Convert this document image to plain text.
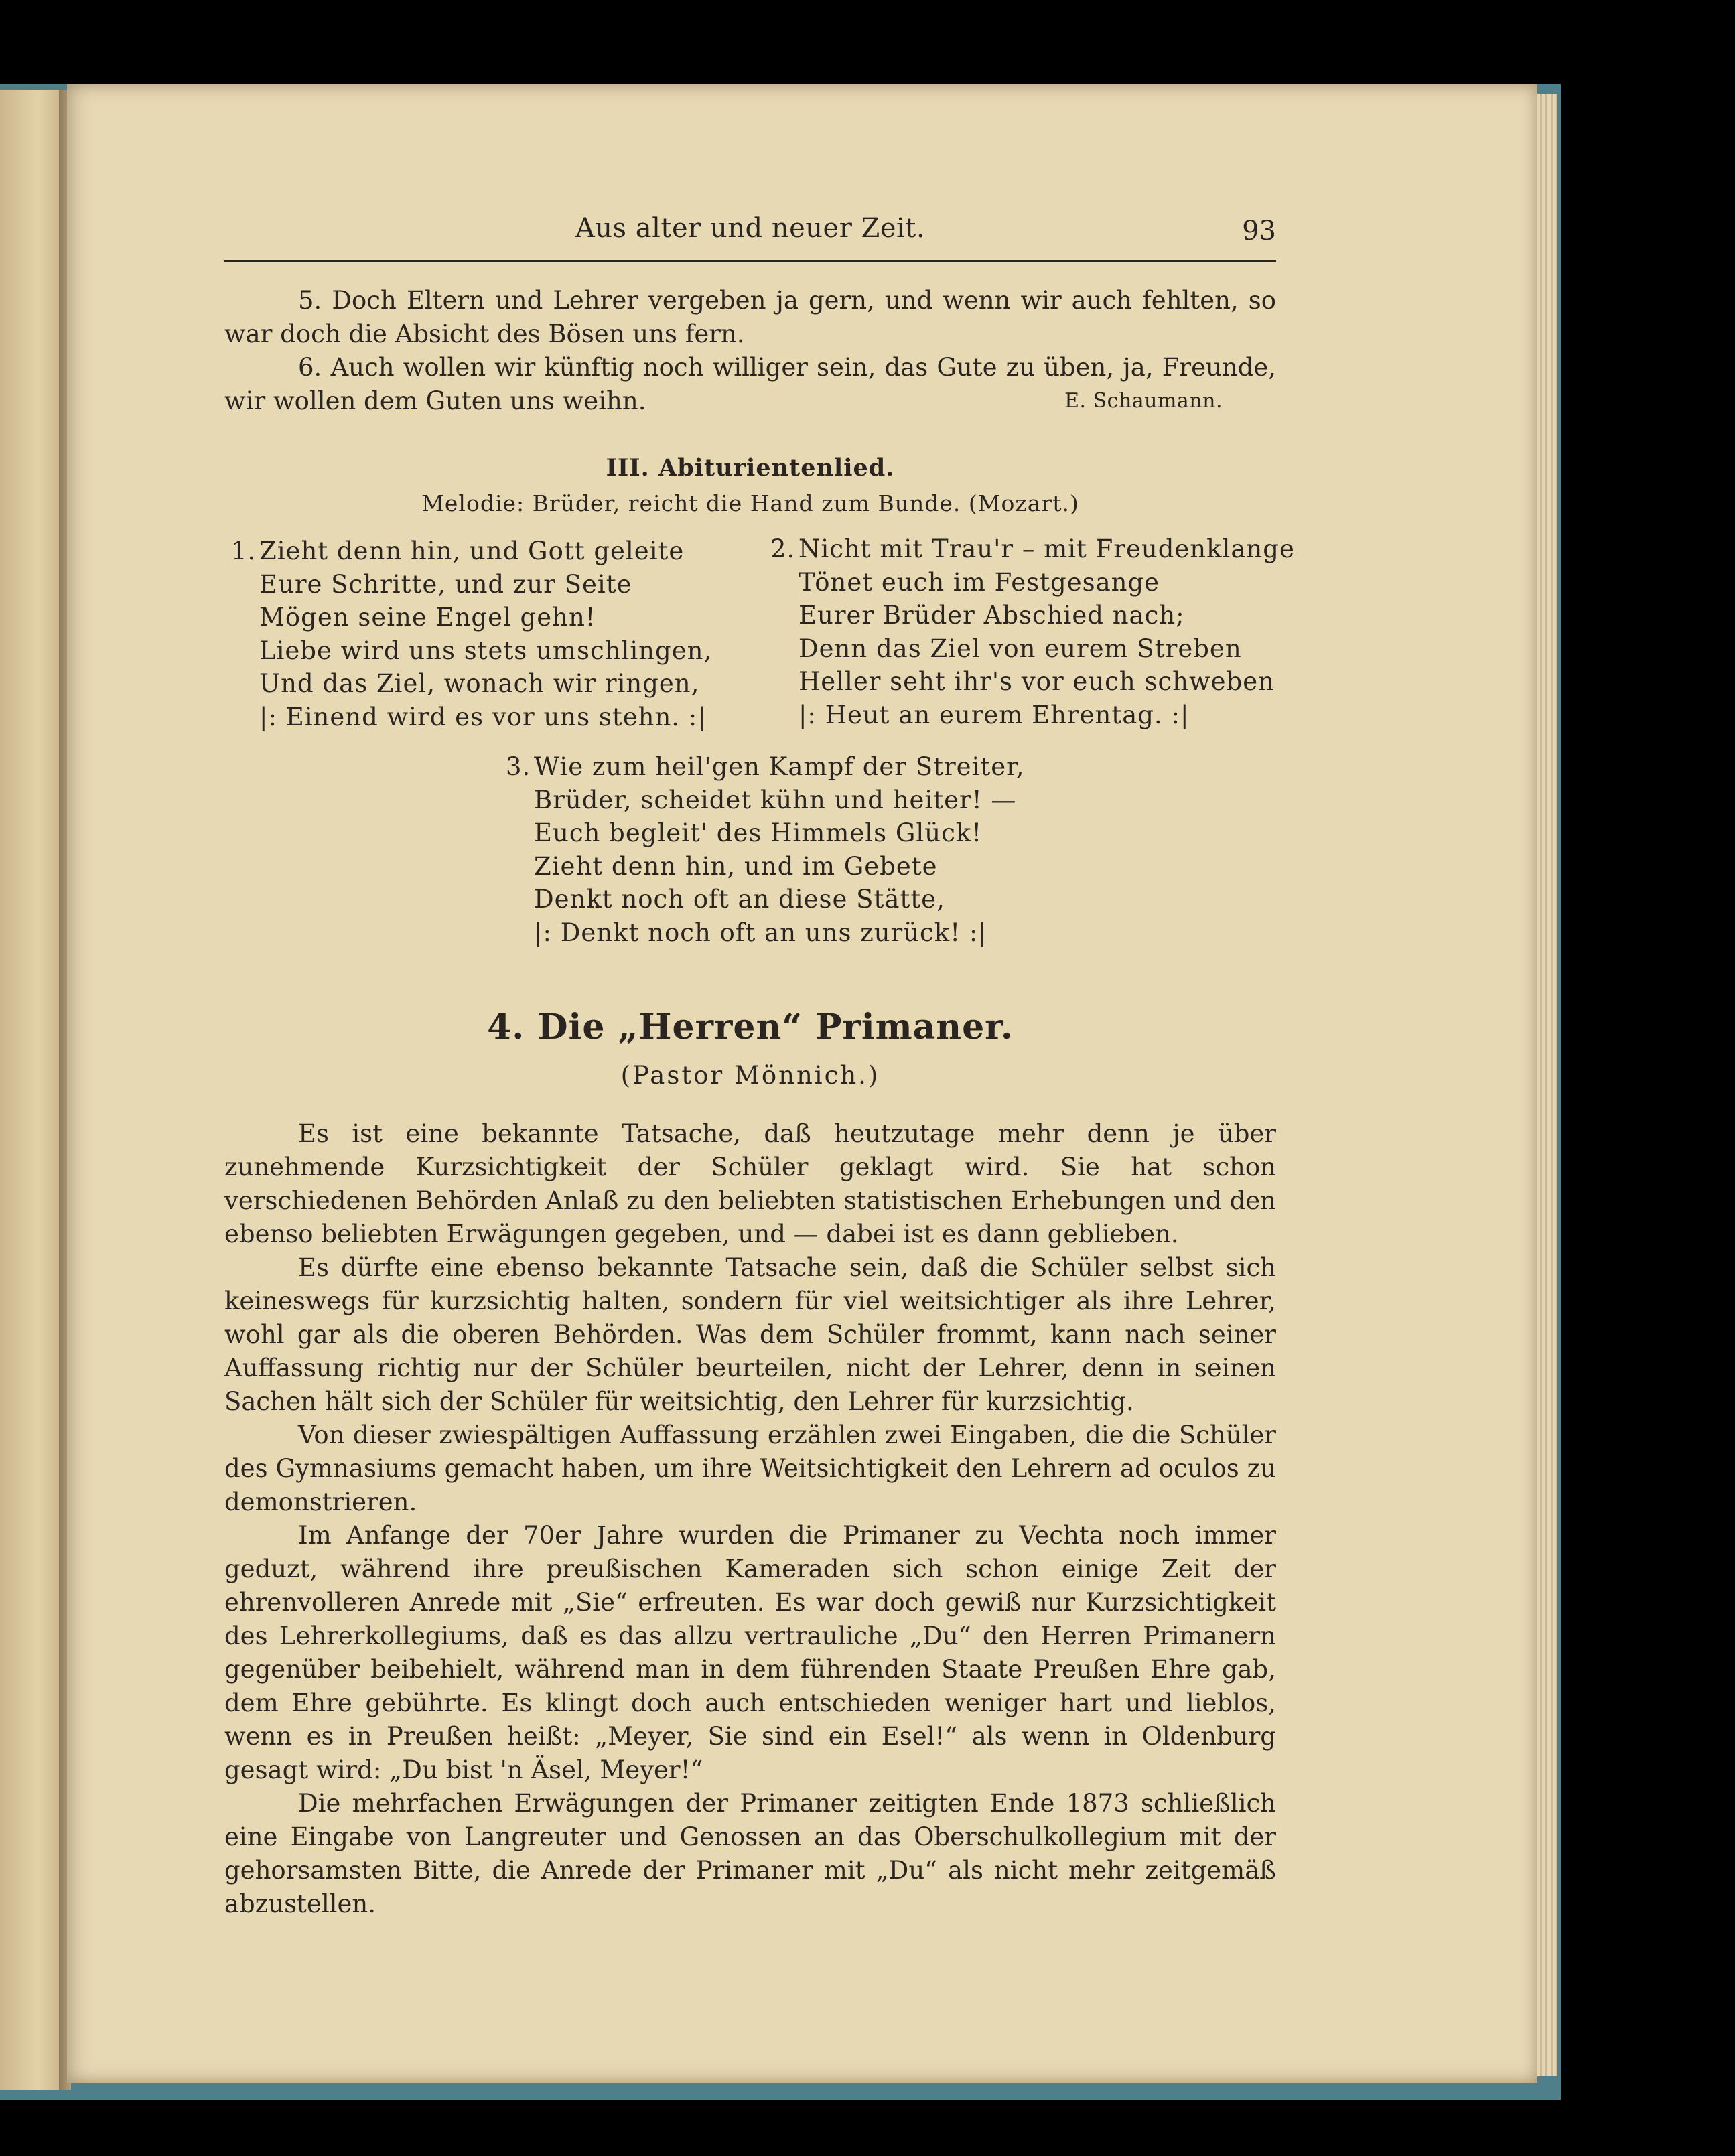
Aus alter und neuer Zeit.	93

5. Doch Eltern und Lehrer vergeben ja gern, und wenn wir auch fehlten, so war doch die Absicht des Bösen uns fern.

6. Auch wollen wir künftig noch williger sein, das Gute zu üben, ja, Freunde, wir wollen dem Guten uns weihn.	E. Schaumann.
III. Abiturientenlied.
Melodie: Brüder, reicht die Hand zum Bunde. (Mozart.)
1. Zieht denn hin, und Gott geleite
Eure Schritte, und zur Seite
Mögen seine Engel gehn!
Liebe wird uns stets umschlingen,
Und das Ziel, wonach wir ringen,
|: Einend wird es vor uns stehn. :|
2. Nicht mit Trau'r – mit Freudenklange
Tönet euch im Festgesange
Eurer Brüder Abschied nach;
Denn das Ziel von eurem Streben
Heller seht ihr's vor euch schweben
|: Heut an eurem Ehrentag. :|
3. Wie zum heil'gen Kampf der Streiter,
Brüder, scheidet kühn und heiter! —
Euch begleit' des Himmels Glück!
Zieht denn hin, und im Gebete
Denkt noch oft an diese Stätte,
|: Denkt noch oft an uns zurück! :|
4. Die „Herren“ Primaner.
(Pastor Mönnich.)

Es ist eine bekannte Tatsache, daß heutzutage mehr denn je über zunehmende Kurzsichtigkeit der Schüler geklagt wird. Sie hat schon verschiedenen Behörden Anlaß zu den beliebten statistischen Erhebungen und den ebenso beliebten Erwägungen gegeben, und — dabei ist es dann geblieben.

Es dürfte eine ebenso bekannte Tatsache sein, daß die Schüler selbst sich keineswegs für kurzsichtig halten, sondern für viel weitsichtiger als ihre Lehrer, wohl gar als die oberen Behörden. Was dem Schüler frommt, kann nach seiner Auffassung richtig nur der Schüler beurteilen, nicht der Lehrer, denn in seinen Sachen hält sich der Schüler für weitsichtig, den Lehrer für kurzsichtig.

Von dieser zwiespältigen Auffassung erzählen zwei Eingaben, die die Schüler des Gymnasiums gemacht haben, um ihre Weitsichtigkeit den Lehrern ad oculos zu demonstrieren.

Im Anfange der 70er Jahre wurden die Primaner zu Vechta noch immer geduzt, während ihre preußischen Kameraden sich schon einige Zeit der ehrenvolleren Anrede mit „Sie“ erfreuten. Es war doch gewiß nur Kurzsichtigkeit des Lehrerkollegiums, daß es das allzu vertrauliche „Du“ den Herren Primanern gegenüber beibehielt, während man in dem führenden Staate Preußen Ehre gab, dem Ehre gebührte. Es klingt doch auch entschieden weniger hart und lieblos, wenn es in Preußen heißt: „Meyer, Sie sind ein Esel!“ als wenn in Oldenburg gesagt wird: „Du bist 'n Äsel, Meyer!“

Die mehrfachen Erwägungen der Primaner zeitigten Ende 1873 schließlich eine Eingabe von Langreuter und Genossen an das Oberschulkollegium mit der gehorsamsten Bitte, die Anrede der Primaner mit „Du“ als nicht mehr zeitgemäß abzustellen.
